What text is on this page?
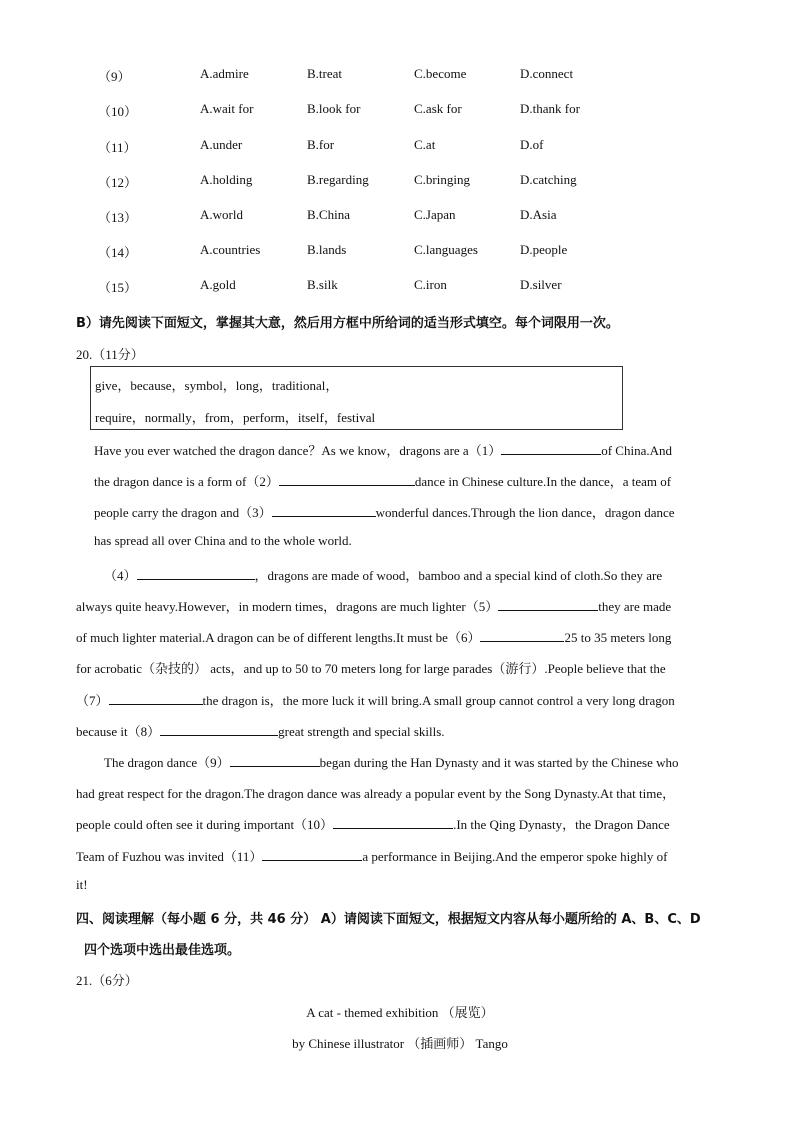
（9）	A.admire	B.treat	C.become	D.connect
（10）	A.wait for	B.look for	C.ask for	D.thank for
（11）	A.under	B.for	C.at	D.of
（12）	A.holding	B.regarding	C.bringing	D.catching
（13）	A.world	B.China	C.Japan	D.Asia
（14）	A.countries	B.lands	C.languages	D.people
（15）	A.gold	B.silk	C.iron	D.silver
B）请先阅读下面短文，掌握其大意，然后用方框中所给词的适当形式填空。每个词限用一次。
20.（11分）
give，because，symbol，long，traditional，
require，normally，from，perform，itself，festival
Have you ever watched the dragon dance？As we know，dragons are a（1）	of China.And
the dragon dance is a form of（2）	dance in Chinese culture.In the dance，a team of
people carry the dragon and（3）	wonderful dances.Through the lion dance，dragon dance
has spread all over China and to the whole world.
（4）	，dragons are made of wood，bamboo and a special kind of cloth.So they are
always quite heavy.However，in modern times，dragons are much lighter（5）	they are made
of much lighter material.A dragon can be of different lengths.It must be（6）	25 to 35 meters long
for acrobatic（杂技的） acts，and up to 50 to 70 meters long for large parades（游行）.People believe that the
（7）	the dragon is，the more luck it will bring.A small group cannot control a very long dragon
because it（8）	great strength and special skills.
The dragon dance（9）	began during the Han Dynasty and it was started by the Chinese who
had great respect for the dragon.The dragon dance was already a popular event by the Song Dynasty.At that time，
people could often see it during important（10）	.In the Qing Dynasty，the Dragon Dance
Team of Fuzhou was invited（11）	a performance in Beijing.And the emperor spoke highly of
it!
四、阅读理解（每小题 6 分，共 46 分） A）请阅读下面短文，根据短文内容从每小题所给的 A、B、C、D
四个选项中选出最佳选项。
21.（6分）
A cat - themed exhibition （展览）
by Chinese illustrator （插画师） Tango
